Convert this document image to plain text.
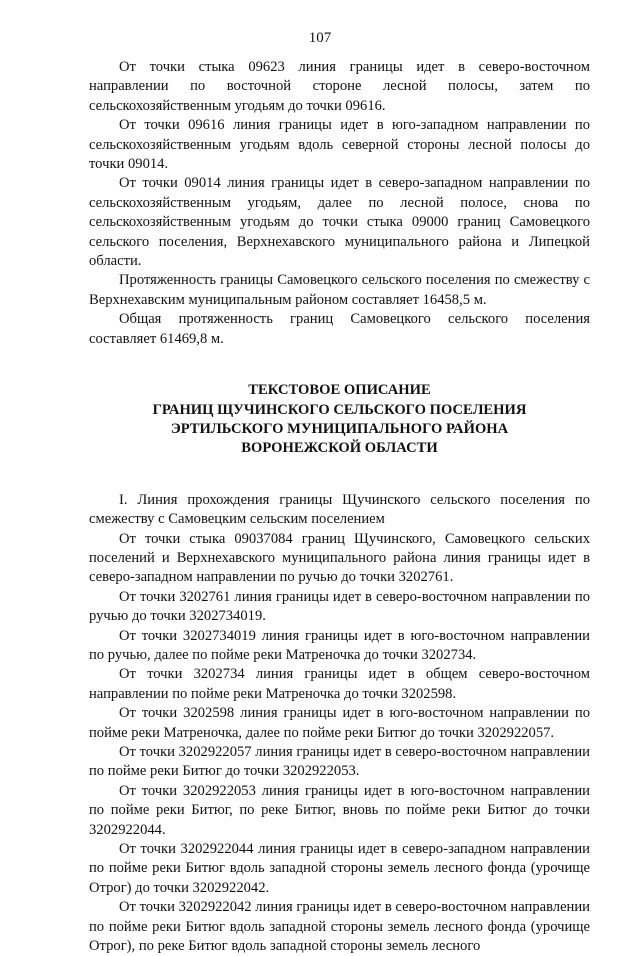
107

От точки стыка 09623 линия границы идет в северо-восточном направлении по восточной стороне лесной полосы, затем по сельскохозяйственным угодьям до точки 09616.

От точки 09616 линия границы идет в юго-западном направлении по сельскохозяйственным угодьям вдоль северной стороны лесной полосы до точки 09014.

От точки 09014 линия границы идет в северо-западном направлении по сельскохозяйственным угодьям, далее по лесной полосе, снова по сельскохозяйственным угодьям до точки стыка 09000 границ Самовецкого сельского поселения, Верхнехавского муниципального района и Липецкой области.

Протяженность границы Самовецкого сельского поселения по смежеству с Верхнехавским муниципальным районом составляет 16458,5 м.

Общая протяженность границ Самовецкого сельского поселения составляет 61469,8 м.

ТЕКСТОВОЕ ОПИСАНИЕ
ГРАНИЦ ЩУЧИНСКОГО СЕЛЬСКОГО ПОСЕЛЕНИЯ
ЭРТИЛЬСКОГО МУНИЦИПАЛЬНОГО РАЙОНА
ВОРОНЕЖСКОЙ ОБЛАСТИ

I. Линия прохождения границы Щучинского сельского поселения по смежеству с Самовецким сельским поселением

От точки стыка 09037084 границ Щучинского, Самовецкого сельских поселений и Верхнехавского муниципального района линия границы идет в северо-западном направлении по ручью до точки 3202761.

От точки 3202761 линия границы идет в северо-восточном направлении по ручью до точки 3202734019.

От точки 3202734019 линия границы идет в юго-восточном направлении по ручью, далее по пойме реки Матреночка до точки 3202734.

От точки 3202734 линия границы идет в общем северо-восточном направлении по пойме реки Матреночка до точки 3202598.

От точки 3202598 линия границы идет в юго-восточном направлении по пойме реки Матреночка, далее по пойме реки Битюг до точки 3202922057.

От точки 3202922057 линия границы идет в северо-восточном направлении по пойме реки Битюг до точки 3202922053.

От точки 3202922053 линия границы идет в юго-восточном направлении по пойме реки Битюг, по реке Битюг, вновь по пойме реки Битюг до точки 3202922044.

От точки 3202922044 линия границы идет в северо-западном направлении по пойме реки Битюг вдоль западной стороны земель лесного фонда (урочище Отрог) до точки 3202922042.

От точки 3202922042 линия границы идет в северо-восточном направлении по пойме реки Битюг вдоль западной стороны земель лесного фонда (урочище Отрог), по реке Битюг вдоль западной стороны земель лесного
